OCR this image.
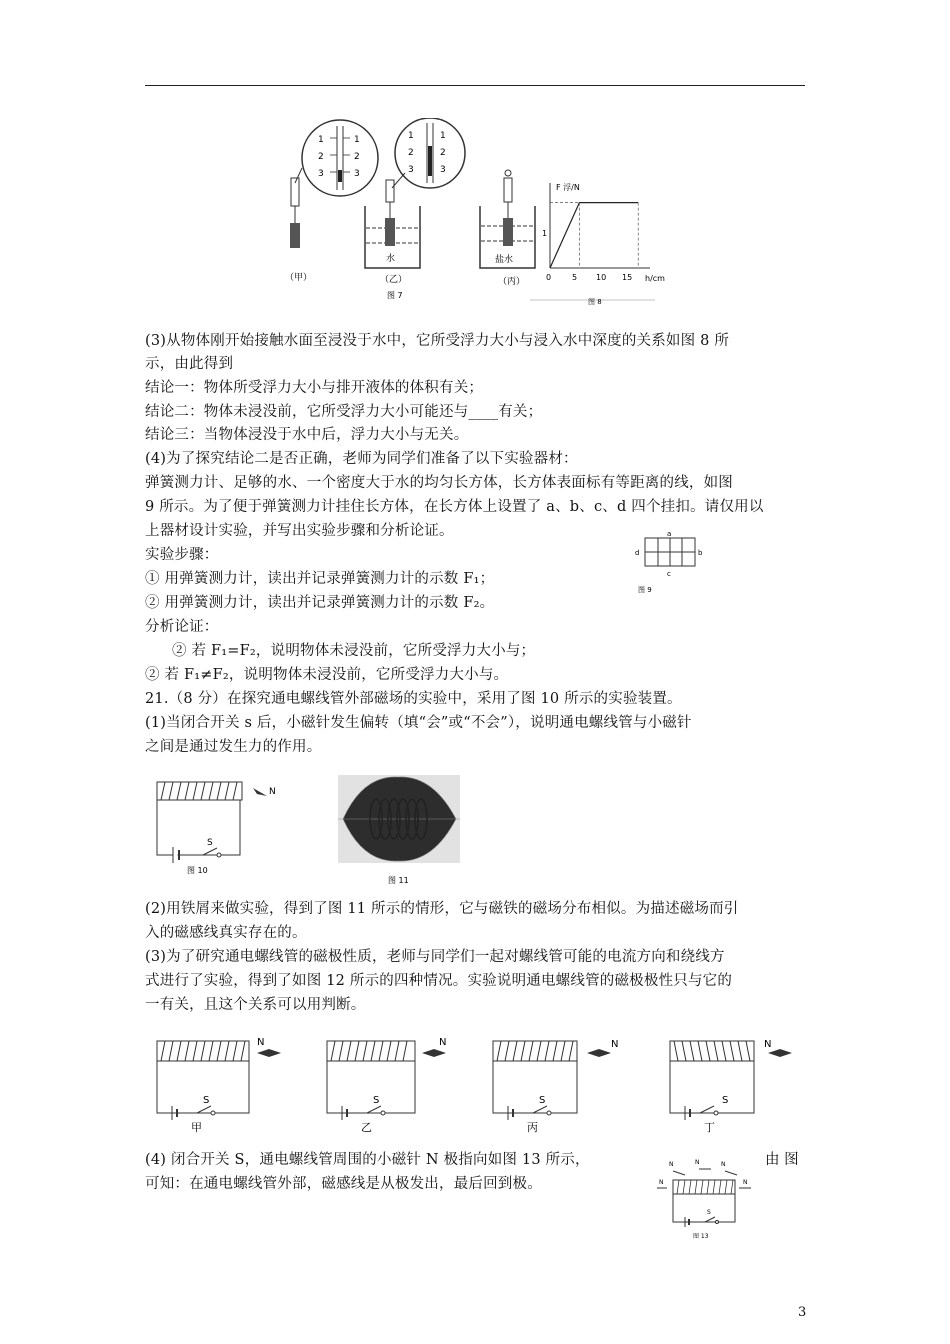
1	1
2	2
3	3
（甲）
1
2
3
1
2
3
水
（乙）
图 7
盐水
（丙）
F 浮/N
h/cm
0	5 10 15
1
图 8
(3)从物体刚开始接触水面至浸没于水中，它所受浮力大小与浸入水中深度的关系如图 8 所
示，由此得到
结论一：物体所受浮力大小与排开液体的体积有关；
结论二：物体未浸没前，它所受浮力大小可能还与____有关；
结论三：当物体浸没于水中后，浮力大小与无关。
(4)为了探究结论二是否正确，老师为同学们准备了以下实验器材：
弹簧测力计、足够的水、一个密度大于水的均匀长方体，长方体表面标有等距离的线，如图
9 所示。为了便于弹簧测力计挂住长方体，在长方体上设置了 a、b、c、d 四个挂扣。请仅用以
上器材设计实验，并写出实验步骤和分析论证。
实验步骤：
① 用弹簧测力计，读出并记录弹簧测力计的示数 F₁；
② 用弹簧测力计，读出并记录弹簧测力计的示数 F₂。
分析论证：
② 若 F₁=F₂，说明物体未浸没前，它所受浮力大小与；
② 若 F₁≠F₂，说明物体未浸没前，它所受浮力大小与。
21.（8 分）在探究通电螺线管外部磁场的实验中，采用了图 10 所示的实验装置。
(1)当闭合开关 s 后，小磁针发生偏转（填“会”或“不会”），说明通电螺线管与小磁针
之间是通过发生力的作用。
a
b
c
d
图 9
S
N
图 10
图 11
(2)用铁屑来做实验，得到了图 11 所示的情形，它与磁铁的磁场分布相似。为描述磁场而引
入的磁感线真实存在的。
(3)为了研究通电螺线管的磁极性质，老师与同学们一起对螺线管可能的电流方向和绕线方
式进行了实验，得到了如图 12 所示的四种情况。实验说明通电螺线管的磁极极性只与它的
一有关，且这个关系可以用判断。
S
N
甲
S
N
乙
S
N
丙
S
N
丁
(4) 闭合开关 S，通电螺线管周围的小磁针 N 极指向如图 13 所示，	由 图
可知：在通电螺线管外部，磁感线是从极发出，最后回到极。
N	N	N
N	N
S
图 13
3
